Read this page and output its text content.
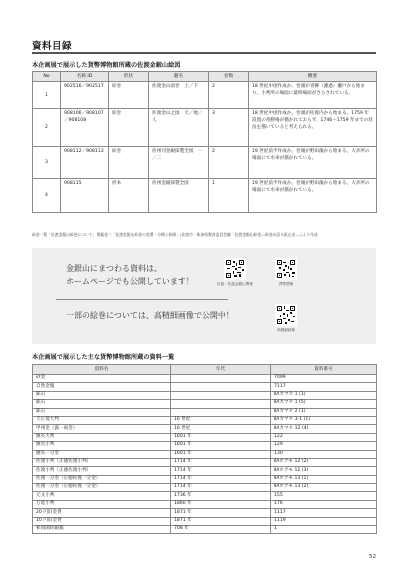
資料目録
本企画展で展示した貨幣博物館所蔵の佐渡金銀山絵図
No	名称 ID	形状	題名	巻数	概要
1	902516／902517	絵巻	佐渡金山図巻　上／下	2	18 世紀中頃作成か。巻頭が青柳（濾過）瀬戸から始まり、小判所の場面に最終場面がさらされている。
2	908106／908107／908108	絵巻	佐渡金山之図　天／地／人	3	18 世紀中頃作成か。巻頭が佐渡内から始まる。1759 年設置の寄勝場が描かれておらず、1746～1759 年までの状況を描いていると考えられる。
3	908112／908113	絵巻	佐州刊金銀採製全図　一／二	2	19 世紀前半作成か。巻頭が野田藻から始まる。大赤所の場面にて水車が描かれている。
4	908115	折本	佐州金銀採製全図	1	19 世紀前半作成か。巻頭が野田藻から始まる。大赤所の場面にて水車が描かれている。
絵巻一覧「佐渡金銀山絵巻について」掲載巻二「佐渡金銀山絵巻の変遷・分類と絵師」(佐渡市・新潟県教育委員会編「佐渡金銀山絵巻―絵巻が語る鉱山史―」)より作成
金銀山にまつわる資料は、
ホームページでも公開しています！
一部の絵巻については、高精細画像で公開中！
佐渡・佐渡金銀山関係	貨幣関係
高精細画像
本企画展で展示した主な貨幣博物館所蔵の資料一覧
資料名	年代	資料番号
砂金		7099
自然金塊		7117
鉱石		ⅡAカマセ 1 (1)
鉱石		ⅡAカマセ 1 (5)
鉱石		ⅡAカマセ 2 (1)
天正菱大判	16 世紀	ⅡAカマセ 3-1 (1)
甲州金（露一両金）	16 世紀	ⅡAカマセ 12 (4)
慶長大判	1601 年	122
慶長小判	1601 年	129
慶長一分金	1601 年	130
佐渡小判（正徳佐渡小判）	1714 年	ⅡAホアモ 12 (2)
佐渡小判（正徳佐渡小判）	1714 年	ⅡAホアモ 12 (3)
佐渡一分金（正徳佐渡一分金）	1714 年	ⅡAホアモ 13 (1)
佐渡一分金（正徳佐渡一分金）	1714 年	ⅡAホアモ 13 (2)
元文小判	1736 年	155
万延小判	1860 年	176
20 円旧金貨	1871 年	1117
10 円旧金貨	1871 年	1119
和同開珎銀銭	708 年	1
52
